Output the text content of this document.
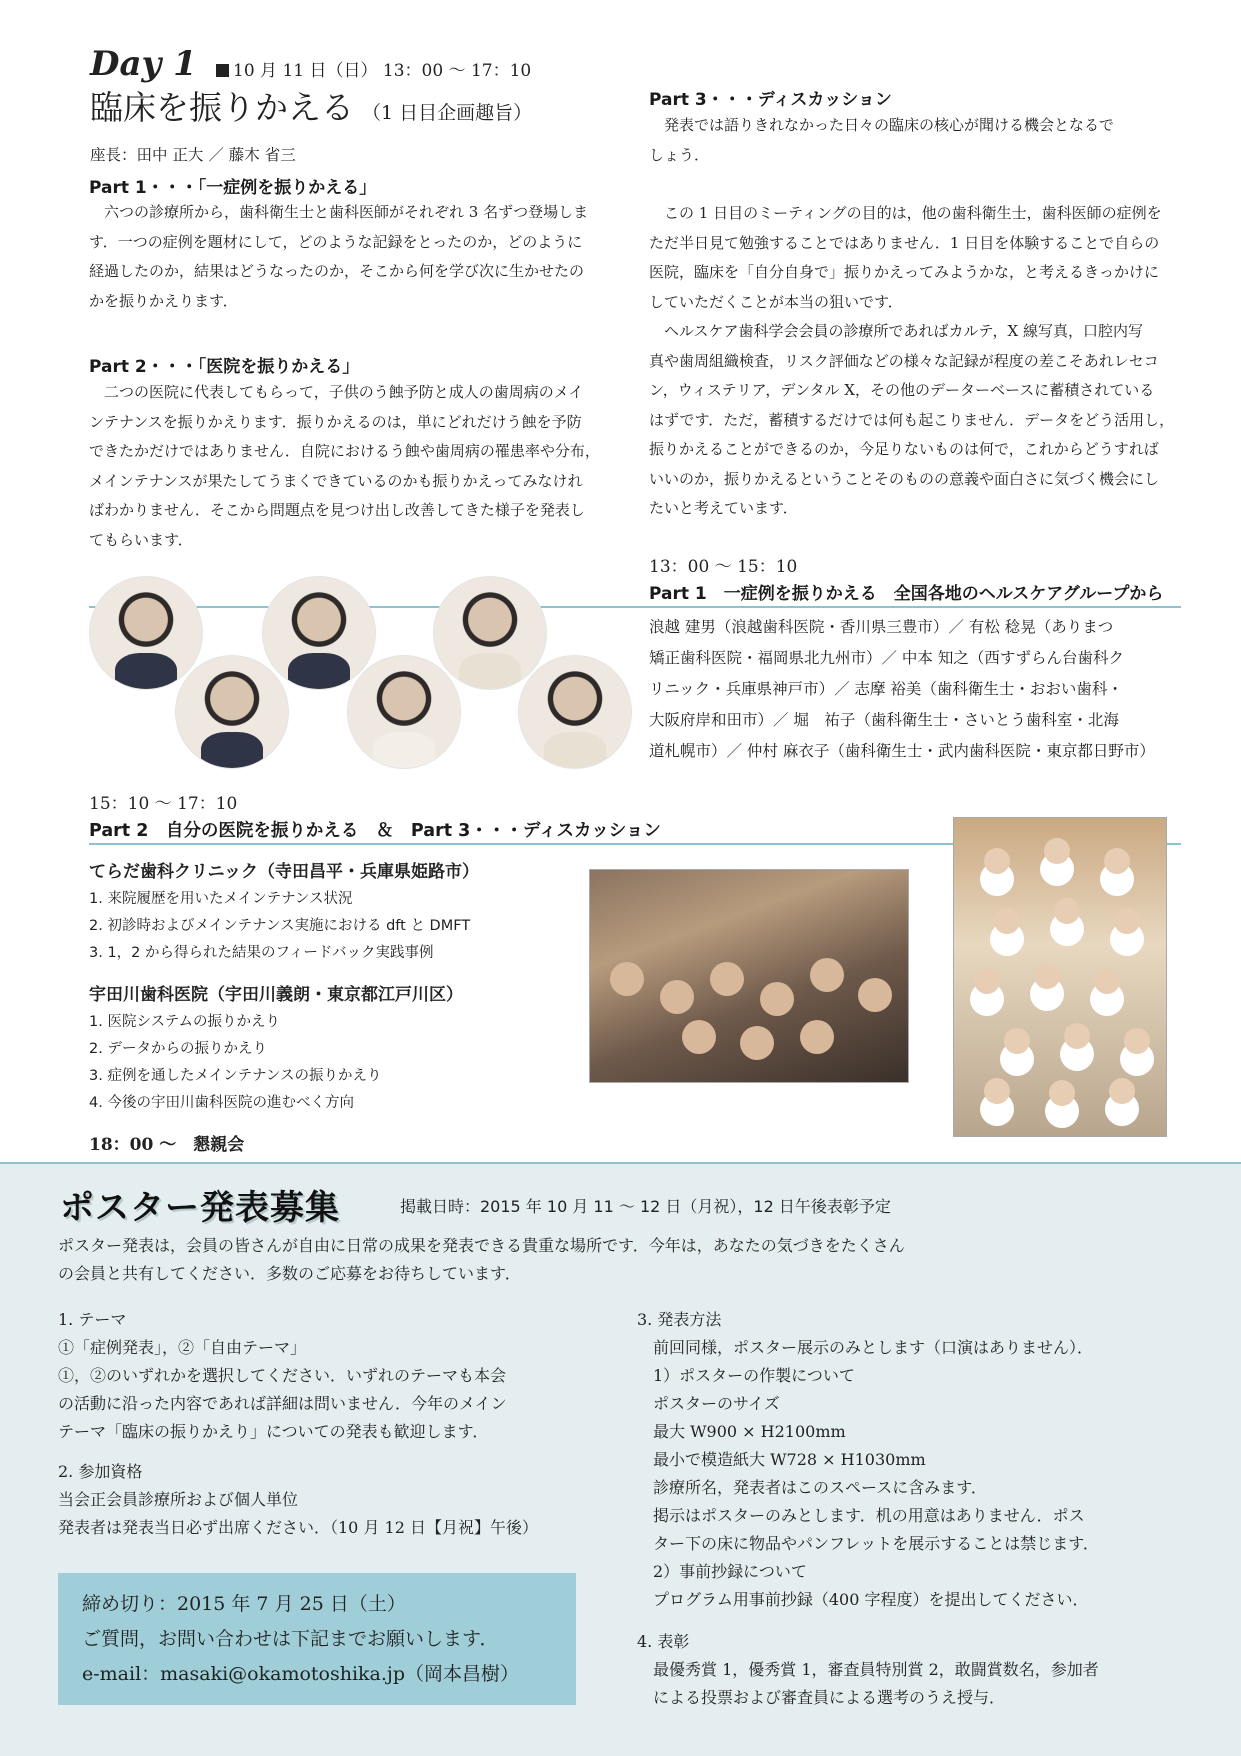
Day 1	10 月 11 日（日） 13：00 〜 17：10
臨床を振りかえる （1 日目企画趣旨）
座長：田中 正大 ／ 藤木 省三
Part 1・・・「一症例を振りかえる」

　六つの診療所から，歯科衛生士と歯科医師がそれぞれ 3 名ずつ登場しま

す．一つの症例を題材にして，どのような記録をとったのか，どのように

経過したのか，結果はどうなったのか，そこから何を学び次に生かせたの

かを振りかえります．

Part 2・・・「医院を振りかえる」

　二つの医院に代表してもらって，子供のう蝕予防と成人の歯周病のメイ

ンテナンスを振りかえります．振りかえるのは，単にどれだけう蝕を予防

できたかだけではありません．自院におけるう蝕や歯周病の罹患率や分布，

メインテナンスが果たしてうまくできているのかも振りかえってみなけれ

ばわかりません．そこから問題点を見つけ出し改善してきた様子を発表し

てもらいます．

Part 3・・・ディスカッション

　発表では語りきれなかった日々の臨床の核心が聞ける機会となるで

しょう．

　この 1 日目のミーティングの目的は，他の歯科衛生士，歯科医師の症例を

ただ半日見て勉強することではありません．1 日目を体験することで自らの

医院，臨床を「自分自身で」振りかえってみようかな，と考えるきっかけに

していただくことが本当の狙いです．

　ヘルスケア歯科学会会員の診療所であればカルテ，X 線写真，口腔内写

真や歯周組織検査，リスク評価などの様々な記録が程度の差こそあれレセコ

ン，ウィステリア，デンタル X，その他のデーターベースに蓄積されている

はずです．ただ，蓄積するだけでは何も起こりません．データをどう活用し，

振りかえることができるのか，今足りないものは何で，これからどうすれば

いいのか，振りかえるということそのものの意義や面白さに気づく機会にし

たいと考えています．

13：00 〜 15：10
Part 1　一症例を振りかえる　全国各地のヘルスケアグループから

浪越 建男（浪越歯科医院・香川県三豊市）／ 有松 稔晃（ありまつ

矯正歯科医院・福岡県北九州市）／ 中本 知之（西すずらん台歯科ク

リニック・兵庫県神戸市）／ 志摩 裕美（歯科衛生士・おおい歯科・

大阪府岸和田市）／ 堀　祐子（歯科衛生士・さいとう歯科室・北海

道札幌市）／ 仲村 麻衣子（歯科衛生士・武内歯科医院・東京都日野市）

15：10 〜 17：10
Part 2　自分の医院を振りかえる　＆　Part 3・・・ディスカッション
てらだ歯科クリニック（寺田昌平・兵庫県姫路市）

1. 来院履歴を用いたメインテナンス状況

2. 初診時およびメインテナンス実施における dft と DMFT

3. 1，2 から得られた結果のフィードバック実践事例

宇田川歯科医院（宇田川義朗・東京都江戸川区）

1. 医院システムの振りかえり

2. データからの振りかえり

3. 症例を通したメインテナンスの振りかえり

4. 今後の宇田川歯科医院の進むべく方向

18：00 〜　懇親会
ポスター発表募集	掲載日時：2015 年 10 月 11 〜 12 日（月祝），12 日午後表彰予定

ポスター発表は，会員の皆さんが自由に日常の成果を発表できる貴重な場所です．今年は，あなたの気づきをたくさん

の会員と共有してください．多数のご応募をお待ちしています．

1. テーマ

①「症例発表」，②「自由テーマ」

①，②のいずれかを選択してください．いずれのテーマも本会

の活動に沿った内容であれば詳細は問いません．今年のメイン

テーマ「臨床の振りかえり」についての発表も歓迎します．

2. 参加資格

当会正会員診療所および個人単位

発表者は発表当日必ず出席ください．（10 月 12 日【月祝】午後）

締め切り：2015 年 7 月 25 日（土）

ご質問，お問い合わせは下記までお願いします．

e-mail：masaki@okamotoshika.jp（岡本昌樹）

3. 発表方法

　前回同様，ポスター展示のみとします（口演はありません）．

　1）ポスターの作製について

　ポスターのサイズ

　最大 W900 × H2100mm

　最小で模造紙大 W728 × H1030mm

　診療所名，発表者はこのスペースに含みます．

　掲示はポスターのみとします．机の用意はありません．ポス

　ター下の床に物品やパンフレットを展示することは禁じます．

　2）事前抄録について

　プログラム用事前抄録（400 字程度）を提出してください．

4. 表彰

　最優秀賞 1，優秀賞 1，審査員特別賞 2，敢闘賞数名，参加者

　による投票および審査員による選考のうえ授与．
